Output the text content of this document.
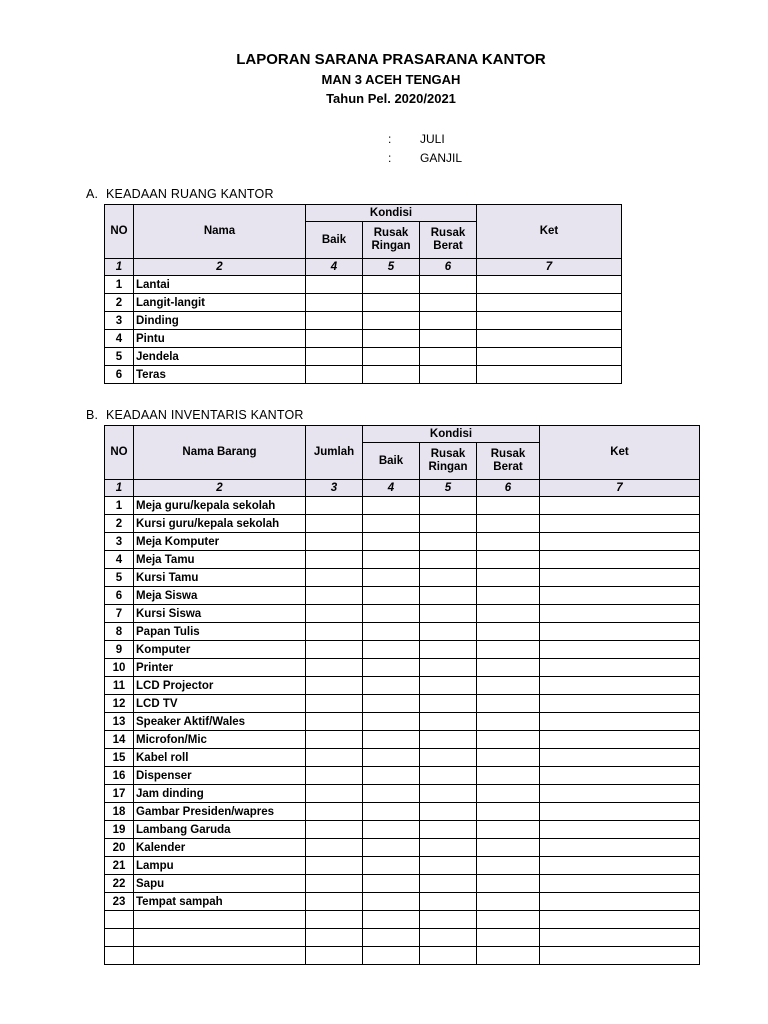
LAPORAN SARANA PRASARANA KANTOR
MAN 3 ACEH TENGAH
Tahun Pel. 2020/2021
: JULI
: GANJIL
A. KEADAAN RUANG KANTOR
NO	Nama	Kondisi			Ket
		Baik	Rusak Ringan	Rusak Berat	
1	2	4	5	6	7
1	Lantai				
2	Langit-langit				
3	Dinding				
4	Pintu				
5	Jendela				
6	Teras				
B. KEADAAN INVENTARIS KANTOR
NO	Nama Barang	Jumlah	Kondisi			Ket
			Baik	Rusak Ringan	Rusak Berat	
1	2	3	4	5	6	7
1	Meja guru/kepala sekolah					
2	Kursi guru/kepala sekolah					
3	Meja Komputer					
4	Meja Tamu					
5	Kursi Tamu					
6	Meja Siswa					
7	Kursi Siswa					
8	Papan Tulis					
9	Komputer					
10	Printer					
11	LCD Projector					
12	LCD TV					
13	Speaker Aktif/Wales					
14	Microfon/Mic					
15	Kabel roll					
16	Dispenser					
17	Jam dinding					
18	Gambar Presiden/wapres					
19	Lambang Garuda					
20	Kalender					
21	Lampu					
22	Sapu					
23	Tempat sampah					
